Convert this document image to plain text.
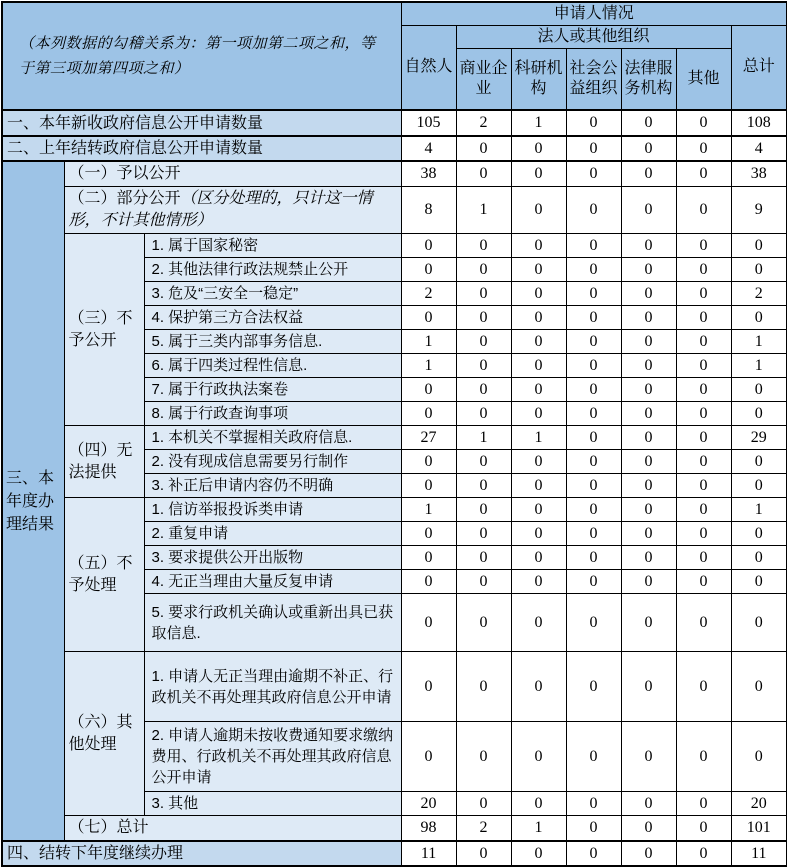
（本列数据的勾稽关系为：第一项加第二项之和，等于第三项加第四项之和）			申请人情况						
			自然人	法人或其他组织					总计
				商业企业	科研机构	社会公益组织	法律服务机构	其他	
一、本年新收政府信息公开申请数量			105	2	1	0	0	0	108
二、上年结转政府信息公开申请数量			4	0	0	0	0	0	4
三、本年度办理结果	（一）予以公开		38	0	0	0	0	0	38
	（二）部分公开（区分处理的，只计这一情形，不计其他情形）		8	1	0	0	0	0	9
	（三）不予公开	1. 属于国家秘密	0	0	0	0	0	0	0
		2. 其他法律行政法规禁止公开	0	0	0	0	0	0	0
		3. 危及“三安全一稳定”	2	0	0	0	0	0	2
		4. 保护第三方合法权益	0	0	0	0	0	0	0
		5. 属于三类内部事务信息.	1	0	0	0	0	0	1
		6. 属于四类过程性信息.	1	0	0	0	0	0	1
		7. 属于行政执法案卷	0	0	0	0	0	0	0
		8. 属于行政查询事项	0	0	0	0	0	0	0
	（四）无法提供	1. 本机关不掌握相关政府信息.	27	1	1	0	0	0	29
		2. 没有现成信息需要另行制作	0	0	0	0	0	0	0
		3. 补正后申请内容仍不明确	0	0	0	0	0	0	0
	（五）不予处理	1. 信访举报投诉类申请	1	0	0	0	0	0	1
		2. 重复申请	0	0	0	0	0	0	0
		3. 要求提供公开出版物	0	0	0	0	0	0	0
		4. 无正当理由大量反复申请	0	0	0	0	0	0	0
		5. 要求行政机关确认或重新出具已获取信息.	0	0	0	0	0	0	0
	（六）其他处理	1. 申请人无正当理由逾期不补正、行政机关不再处理其政府信息公开申请	0	0	0	0	0	0	0
		2. 申请人逾期未按收费通知要求缴纳费用、行政机关不再处理其政府信息公开申请	0	0	0	0	0	0	0
		3. 其他	20	0	0	0	0	0	20
	（七）总计		98	2	1	0	0	0	101
四、结转下年度继续办理			11	0	0	0	0	0	11
